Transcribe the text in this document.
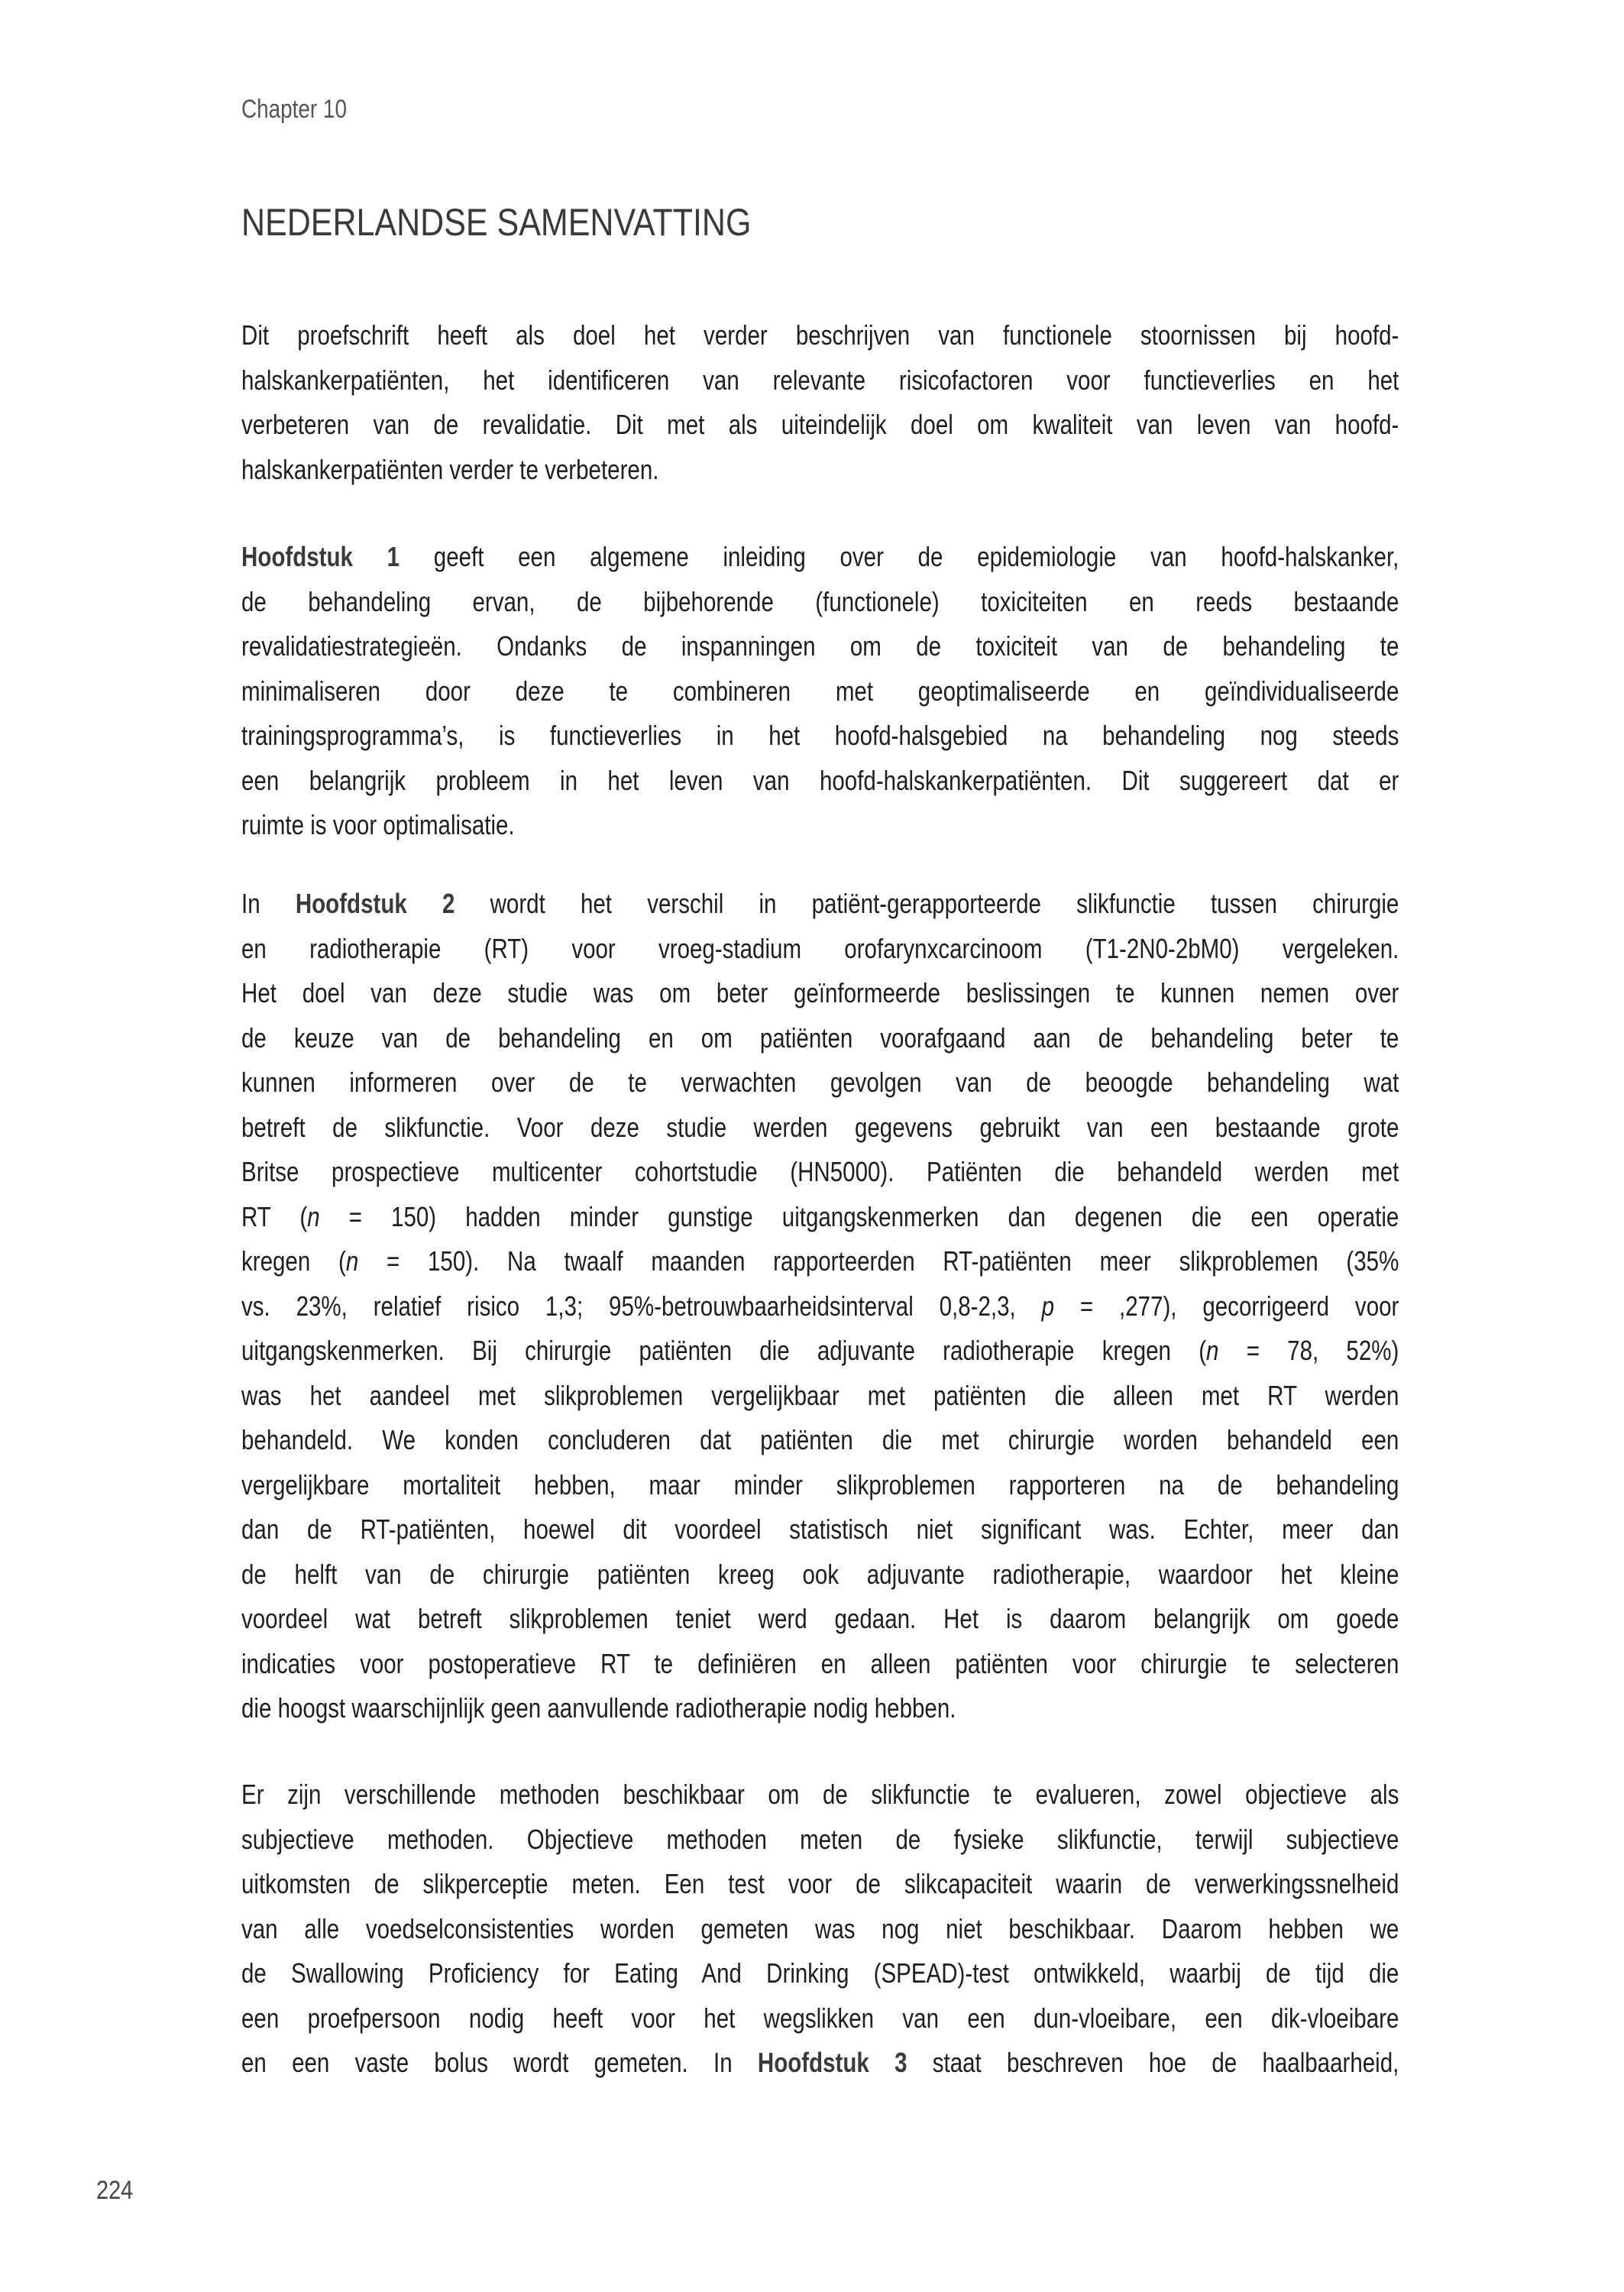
Chapter 10
NEDERLANDSE SAMENVATTING
Dit proefschrift heeft als doel het verder beschrijven van functionele stoornissen bij hoofd-
halskankerpatiënten, het identificeren van relevante risicofactoren voor functieverlies en het
verbeteren van de revalidatie. Dit met als uiteindelijk doel om kwaliteit van leven van hoofd-
halskankerpatiënten verder te verbeteren.
Hoofdstuk 1 geeft een algemene inleiding over de epidemiologie van hoofd-halskanker,
de behandeling ervan, de bijbehorende (functionele) toxiciteiten en reeds bestaande
revalidatiestrategieën. Ondanks de inspanningen om de toxiciteit van de behandeling te
minimaliseren door deze te combineren met geoptimaliseerde en geïndividualiseerde
trainingsprogramma’s, is functieverlies in het hoofd-halsgebied na behandeling nog steeds
een belangrijk probleem in het leven van hoofd-halskankerpatiënten. Dit suggereert dat er
ruimte is voor optimalisatie.
In Hoofdstuk 2 wordt het verschil in patiënt-gerapporteerde slikfunctie tussen chirurgie
en radiotherapie (RT) voor vroeg-stadium orofarynxcarcinoom (T1-2N0-2bM0) vergeleken.
Het doel van deze studie was om beter geïnformeerde beslissingen te kunnen nemen over
de keuze van de behandeling en om patiënten voorafgaand aan de behandeling beter te
kunnen informeren over de te verwachten gevolgen van de beoogde behandeling wat
betreft de slikfunctie. Voor deze studie werden gegevens gebruikt van een bestaande grote
Britse prospectieve multicenter cohortstudie (HN5000). Patiënten die behandeld werden met
RT (n = 150) hadden minder gunstige uitgangskenmerken dan degenen die een operatie
kregen (n = 150). Na twaalf maanden rapporteerden RT-patiënten meer slikproblemen (35%
vs. 23%, relatief risico 1,3; 95%-betrouwbaarheidsinterval 0,8-2,3, p = ,277), gecorrigeerd voor
uitgangskenmerken. Bij chirurgie patiënten die adjuvante radiotherapie kregen (n = 78, 52%)
was het aandeel met slikproblemen vergelijkbaar met patiënten die alleen met RT werden
behandeld. We konden concluderen dat patiënten die met chirurgie worden behandeld een
vergelijkbare mortaliteit hebben, maar minder slikproblemen rapporteren na de behandeling
dan de RT-patiënten, hoewel dit voordeel statistisch niet significant was. Echter, meer dan
de helft van de chirurgie patiënten kreeg ook adjuvante radiotherapie, waardoor het kleine
voordeel wat betreft slikproblemen teniet werd gedaan. Het is daarom belangrijk om goede
indicaties voor postoperatieve RT te definiëren en alleen patiënten voor chirurgie te selecteren
die hoogst waarschijnlijk geen aanvullende radiotherapie nodig hebben.
Er zijn verschillende methoden beschikbaar om de slikfunctie te evalueren, zowel objectieve als
subjectieve methoden. Objectieve methoden meten de fysieke slikfunctie, terwijl subjectieve
uitkomsten de slikperceptie meten. Een test voor de slikcapaciteit waarin de verwerkingssnelheid
van alle voedselconsistenties worden gemeten was nog niet beschikbaar. Daarom hebben we
de Swallowing Proficiency for Eating And Drinking (SPEAD)-test ontwikkeld, waarbij de tijd die
een proefpersoon nodig heeft voor het wegslikken van een dun-vloeibare, een dik-vloeibare
en een vaste bolus wordt gemeten. In Hoofdstuk 3 staat beschreven hoe de haalbaarheid,
224
